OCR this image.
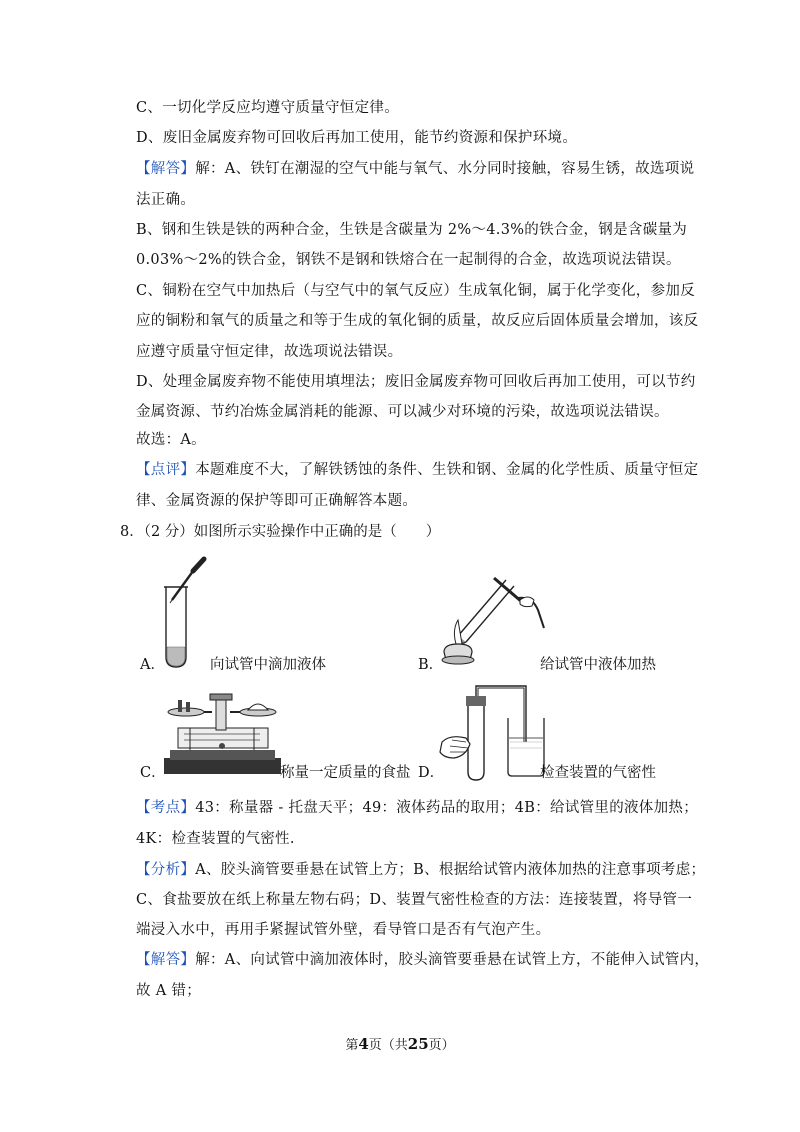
C、一切化学反应均遵守质量守恒定律。
D、废旧金属废弃物可回收后再加工使用，能节约资源和保护环境。
【解答】解：A、铁钉在潮湿的空气中能与氧气、水分同时接触，容易生锈，故选项说
法正确。
B、钢和生铁是铁的两种合金，生铁是含碳量为 2%～4.3%的铁合金，钢是含碳量为
0.03%～2%的铁合金，钢铁不是钢和铁熔合在一起制得的合金，故选项说法错误。
C、铜粉在空气中加热后（与空气中的氧气反应）生成氧化铜，属于化学变化，参加反
应的铜粉和氧气的质量之和等于生成的氧化铜的质量，故反应后固体质量会增加，该反
应遵守质量守恒定律，故选项说法错误。
D、处理金属废弃物不能使用填埋法；废旧金属废弃物可回收后再加工使用，可以节约
金属资源、节约冶炼金属消耗的能源、可以减少对环境的污染，故选项说法错误。
故选：A。
【点评】本题难度不大，了解铁锈蚀的条件、生铁和钢、金属的化学性质、质量守恒定
律、金属资源的保护等即可正确解答本题。
8．（2 分）如图所示实验操作中正确的是（　　）
A．	向试管中滴加液体	B．	给试管中液体加热
C．	称量一定质量的食盐 D．	检查装置的气密性
【考点】43：称量器 - 托盘天平；49：液体药品的取用；4B：给试管里的液体加热；
4K：检查装置的气密性.
【分析】A、胶头滴管要垂悬在试管上方；B、根据给试管内液体加热的注意事项考虑；
C、食盐要放在纸上称量左物右码；D、装置气密性检查的方法：连接装置，将导管一
端浸入水中，再用手紧握试管外壁，看导管口是否有气泡产生。
【解答】解：A、向试管中滴加液体时，胶头滴管要垂悬在试管上方，不能伸入试管内，
故 A 错；
第4页（共25页）
